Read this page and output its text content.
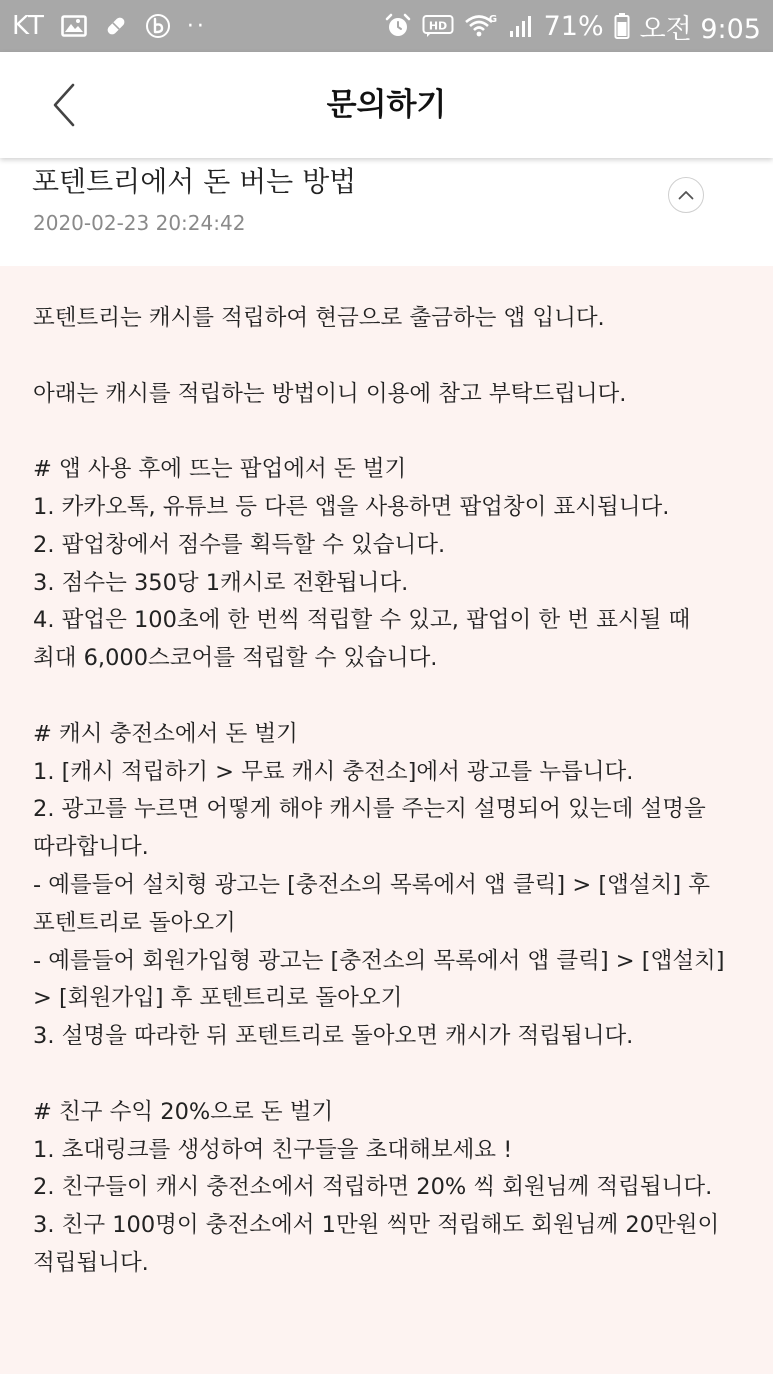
KT	··	HD	G 71% 오전 9:05
문의하기
포텐트리에서 돈 버는 방법
2020-02-23 20:24:42
포텐트리는 캐시를 적립하여 현금으로 출금하는 앱 입니다.
아래는 캐시를 적립하는 방법이니 이용에 참고 부탁드립니다.
# 앱 사용 후에 뜨는 팝업에서 돈 벌기
1. 카카오톡, 유튜브 등 다른 앱을 사용하면 팝업창이 표시됩니다.
2. 팝업창에서 점수를 획득할 수 있습니다.
3. 점수는 350당 1캐시로 전환됩니다.
4. 팝업은 100초에 한 번씩 적립할 수 있고, 팝업이 한 번 표시될 때
최대 6,000스코어를 적립할 수 있습니다.
# 캐시 충전소에서 돈 벌기
1. [캐시 적립하기 > 무료 캐시 충전소]에서 광고를 누릅니다.
2. 광고를 누르면 어떻게 해야 캐시를 주는지 설명되어 있는데 설명을
따라합니다.
- 예를들어 설치형 광고는 [충전소의 목록에서 앱 클릭] > [앱설치] 후
포텐트리로 돌아오기
- 예를들어 회원가입형 광고는 [충전소의 목록에서 앱 클릭] > [앱설치]
> [회원가입] 후 포텐트리로 돌아오기
3. 설명을 따라한 뒤 포텐트리로 돌아오면 캐시가 적립됩니다.
# 친구 수익 20%으로 돈 벌기
1. 초대링크를 생성하여 친구들을 초대해보세요 !
2. 친구들이 캐시 충전소에서 적립하면 20% 씩 회원님께 적립됩니다.
3. 친구 100명이 충전소에서 1만원 씩만 적립해도 회원님께 20만원이
적립됩니다.
